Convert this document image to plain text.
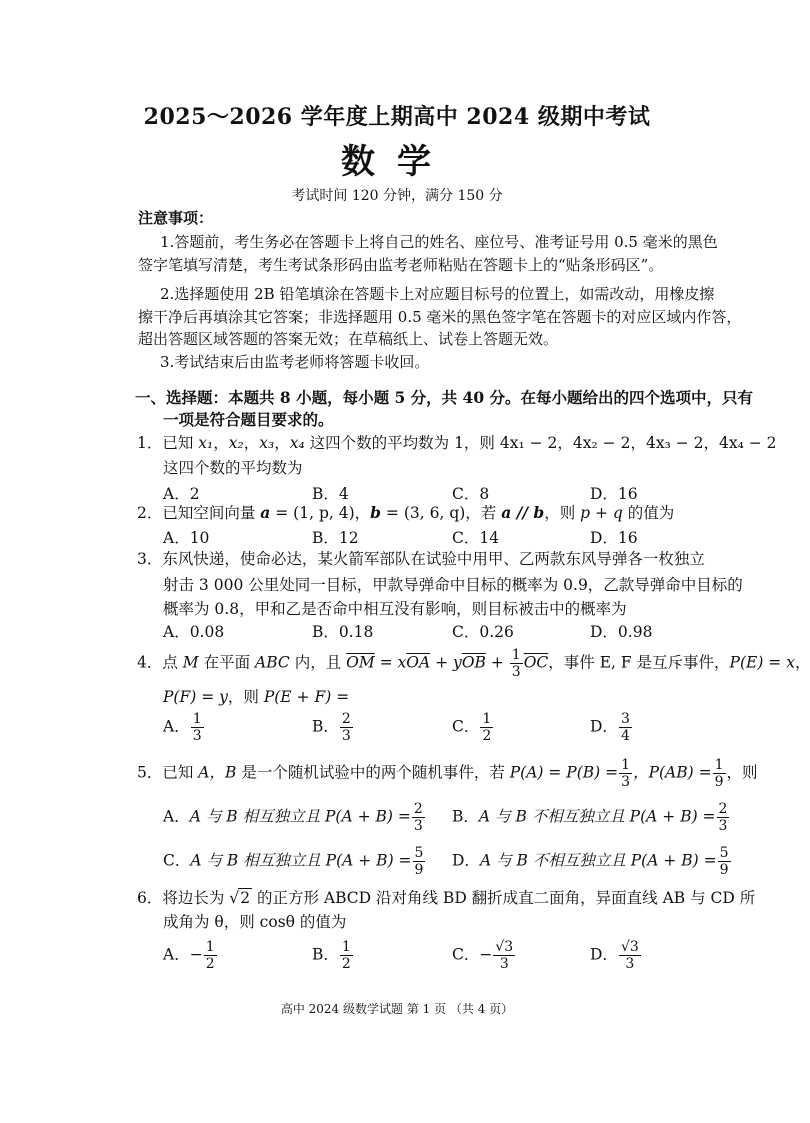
2025～2026 学年度上期高中 2024 级期中考试
数学
考试时间 120 分钟，满分 150 分
注意事项：
1.答题前，考生务必在答题卡上将自己的姓名、座位号、准考证号用 0.5 毫米的黑色
签字笔填写清楚，考生考试条形码由监考老师粘贴在答题卡上的“贴条形码区”。
2.选择题使用 2B 铅笔填涂在答题卡上对应题目标号的位置上，如需改动，用橡皮擦
擦干净后再填涂其它答案；非选择题用 0.5 毫米的黑色签字笔在答题卡的对应区域内作答，
超出答题区域答题的答案无效；在草稿纸上、试卷上答题无效。
3.考试结束后由监考老师将答题卡收回。
一、选择题：本题共 8 小题，每小题 5 分，共 40 分。在每小题给出的四个选项中，只有
一项是符合题目要求的。
1．已知 x₁，x₂，x₃，x₄ 这四个数的平均数为 1，则 4x₁ − 2，4x₂ − 2，4x₃ − 2，4x₄ − 2
这四个数的平均数为
A．2	B．4	C．8	D．16
2．已知空间向量 a = (1, p, 4)，b = (3, 6, q)，若 a // b，则 p + q 的值为
A．10	B．12	C．14	D．16
3．东风快递，使命必达，某火箭军部队在试验中用甲、乙两款东风导弹各一枚独立
射击 3 000 公里处同一目标，甲款导弹命中目标的概率为 0.9，乙款导弹命中目标的
概率为 0.8，甲和乙是否命中相互没有影响，则目标被击中的概率为
A．0.08	B．0.18	C．0.26	D．0.98
4．点 M 在平面 ABC 内，且 $\overline{OM} = x\overline{OA} + y\overline{OB} + \frac{1}{3} \overline{OC}$，事件 E, F 是互斥事件，P(E) = x，
P(F) = y，则 P(E + F) =
A． $\frac{1}{3}$	B． $\frac{2}{3}$	C． $\frac{1}{2}$	D． $\frac{3}{4}$
5．已知 A，B 是一个随机试验中的两个随机事件，若 $P(A) = P(B) = \frac{1}{3}$ ，$P(AB) = \frac{1}{9}$ ，则
A．A 与 B 相互独立且 $P(A + B) = \frac{2}{3}$ B．A 与 B 不相互独立且 $P(A + B) = \frac{2}{3}$
C．A 与 B 相互独立且 $P(A + B) = \frac{5}{9}$ D．A 与 B 不相互独立且 $P(A + B) = \frac{5}{9}$
6．将边长为 √2 的正方形 ABCD 沿对角线 BD 翻折成直二面角，异面直线 AB 与 CD 所
成角为 θ，则 cosθ 的值为
A．− $\frac{1}{2}$	B． $\frac{1}{2}$	C．− $\frac{√3}{3}$	D． $\frac{√3}{3}$
高中 2024 级数学试题 第 1 页 （共 4 页）
